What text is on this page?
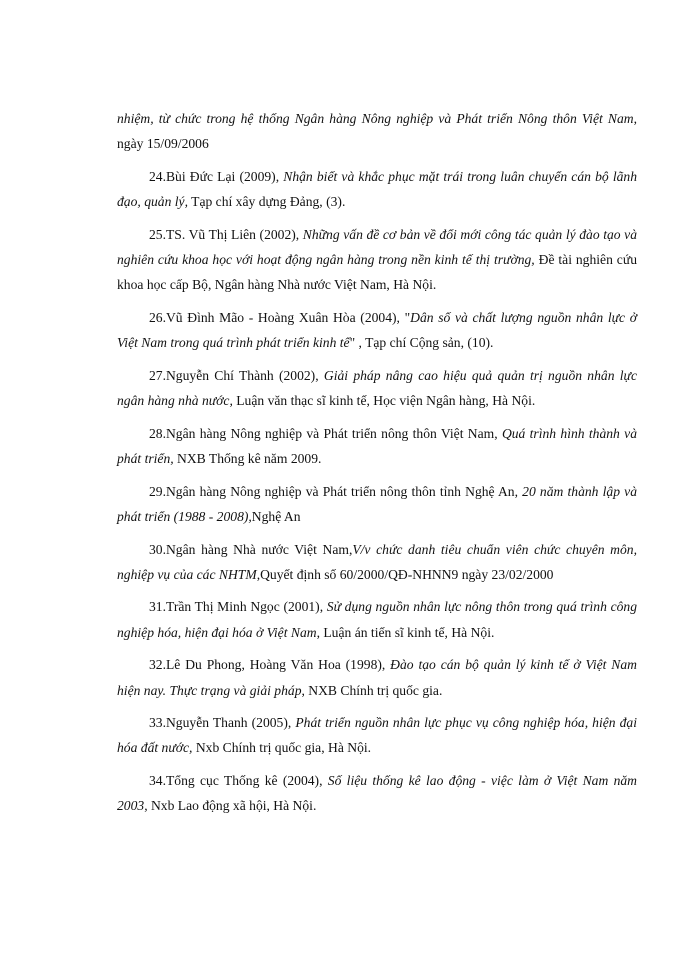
nhiệm, từ chức trong hệ thống Ngân hàng Nông nghiệp và Phát triển Nông thôn Việt Nam, ngày 15/09/2006

24.Bùi Đức Lại (2009), Nhận biết và khắc phục mặt trái trong luân chuyển cán bộ lãnh đạo, quản lý, Tạp chí xây dựng Đảng, (3).

25.TS. Vũ Thị Liên (2002), Những vấn đề cơ bản về đổi mới công tác quản lý đào tạo và nghiên cứu khoa học với hoạt động ngân hàng trong nền kinh tế thị trường, Đề tài nghiên cứu khoa học cấp Bộ, Ngân hàng Nhà nước Việt Nam, Hà Nội.

26.Vũ Đình Mão - Hoàng Xuân Hòa (2004), "Dân số và chất lượng nguồn nhân lực ở Việt Nam trong quá trình phát triển kinh tế" , Tạp chí Cộng sản, (10).

27.Nguyễn Chí Thành (2002), Giải pháp nâng cao hiệu quả quản trị nguồn nhân lực ngân hàng nhà nước, Luận văn thạc sĩ kinh tế, Học viện Ngân hàng, Hà Nội.

28.Ngân hàng Nông nghiệp và Phát triển nông thôn Việt Nam, Quá trình hình thành và phát triển, NXB Thống kê năm 2009.

29.Ngân hàng Nông nghiệp và Phát triển nông thôn tỉnh Nghệ An, 20 năm thành lập và phát triển (1988 - 2008),Nghệ An

30.Ngân hàng Nhà nước Việt Nam,V/v chức danh tiêu chuẩn viên chức chuyên môn, nghiệp vụ của các NHTM,Quyết định số 60/2000/QĐ-NHNN9 ngày 23/02/2000

31.Trần Thị Minh Ngọc (2001), Sử dụng nguồn nhân lực nông thôn trong quá trình công nghiệp hóa, hiện đại hóa ở Việt Nam, Luận án tiến sĩ kinh tế, Hà Nội.

32.Lê Du Phong, Hoàng Văn Hoa (1998), Đào tạo cán bộ quản lý kinh tế ở Việt Nam hiện nay. Thực trạng và giải pháp, NXB Chính trị quốc gia.

33.Nguyễn Thanh (2005), Phát triển nguồn nhân lực phục vụ công nghiệp hóa, hiện đại hóa đất nước, Nxb Chính trị quốc gia, Hà Nội.

34.Tổng cục Thống kê (2004), Số liệu thống kê lao động - việc làm ở Việt Nam năm 2003, Nxb Lao động xã hội, Hà Nội.
